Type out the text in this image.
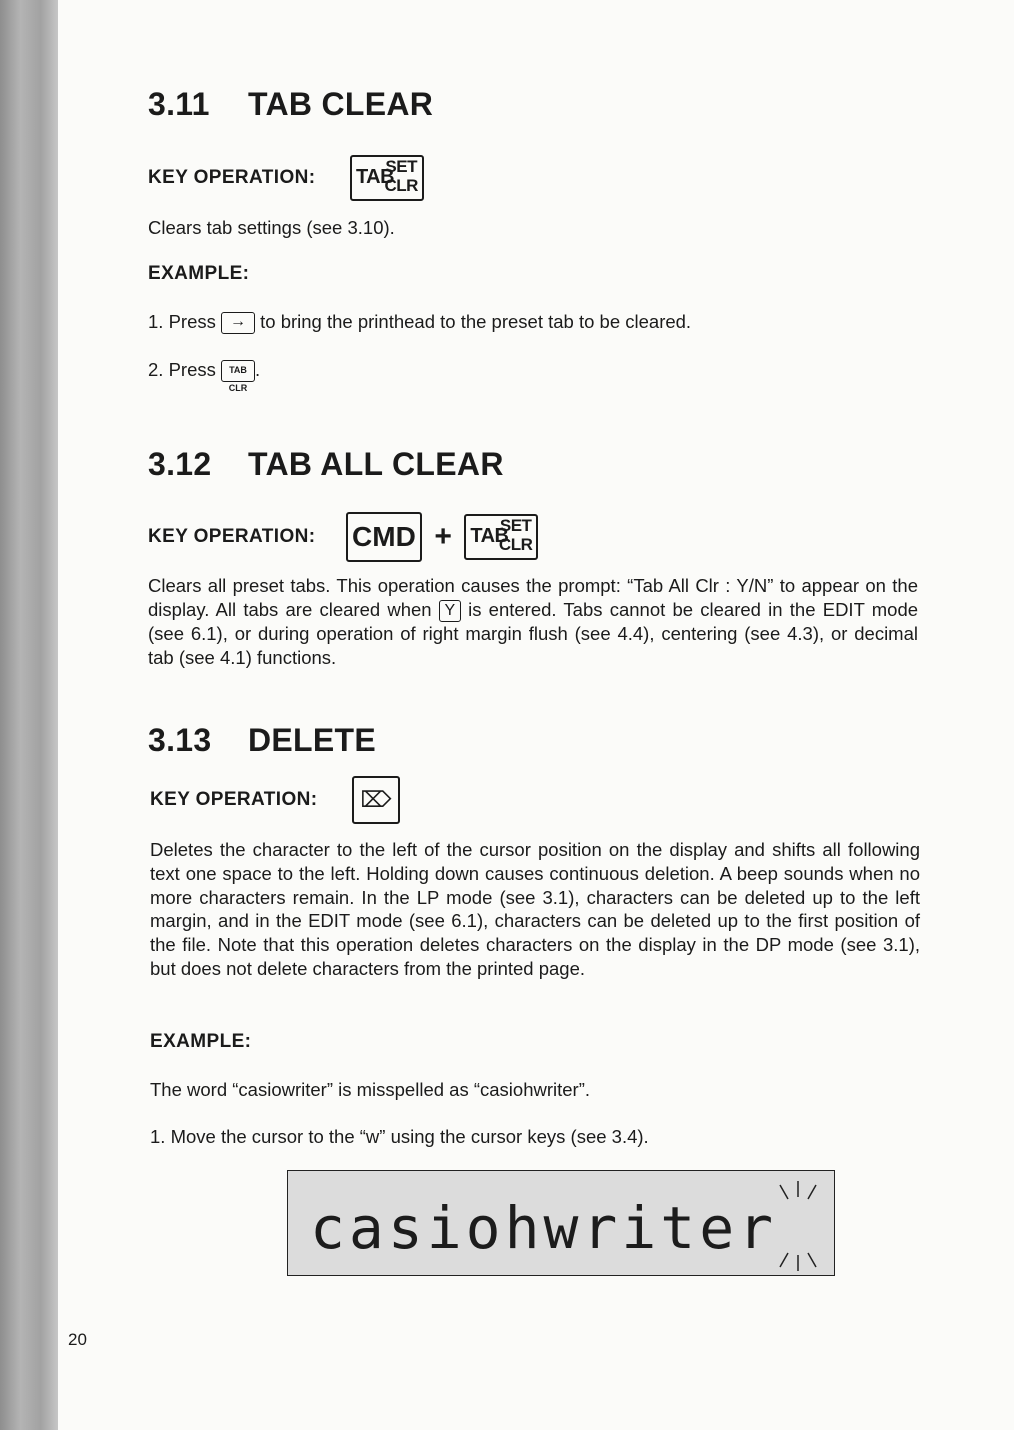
3.11 TAB CLEAR
KEY OPERATION: TAB
SET
CLR
Clears tab settings (see 3.10).
EXAMPLE:
1. Press → to bring the printhead to the preset tab to be cleared.
2. Press TAB CLR.
3.12 TAB ALL CLEAR
KEY OPERATION: CMD + TAB
SET
CLR
Clears all preset tabs. This operation causes the prompt: “Tab All Clr : Y/N” to appear on the display. All tabs are cleared when Y is entered. Tabs cannot be cleared in the EDIT mode (see 6.1), or during operation of right margin flush (see 4.4), centering (see 4.3), or decimal tab (see 4.1) functions.
3.13 DELETE
KEY OPERATION: ⌦
Deletes the character to the left of the cursor position on the display and shifts all following text one space to the left. Holding down causes continuous deletion. A beep sounds when no more characters remain. In the LP mode (see 3.1), characters can be deleted up to the left margin, and in the EDIT mode (see 6.1), characters can be deleted up to the first position of the file. Note that this operation deletes characters on the display in the DP mode (see 3.1), but does not delete characters from the printed page.
EXAMPLE:
The word “casiowriter” is misspelled as “casiohwriter”.
1. Move the cursor to the “w” using the cursor keys (see 3.4).
casiohwriter
20
